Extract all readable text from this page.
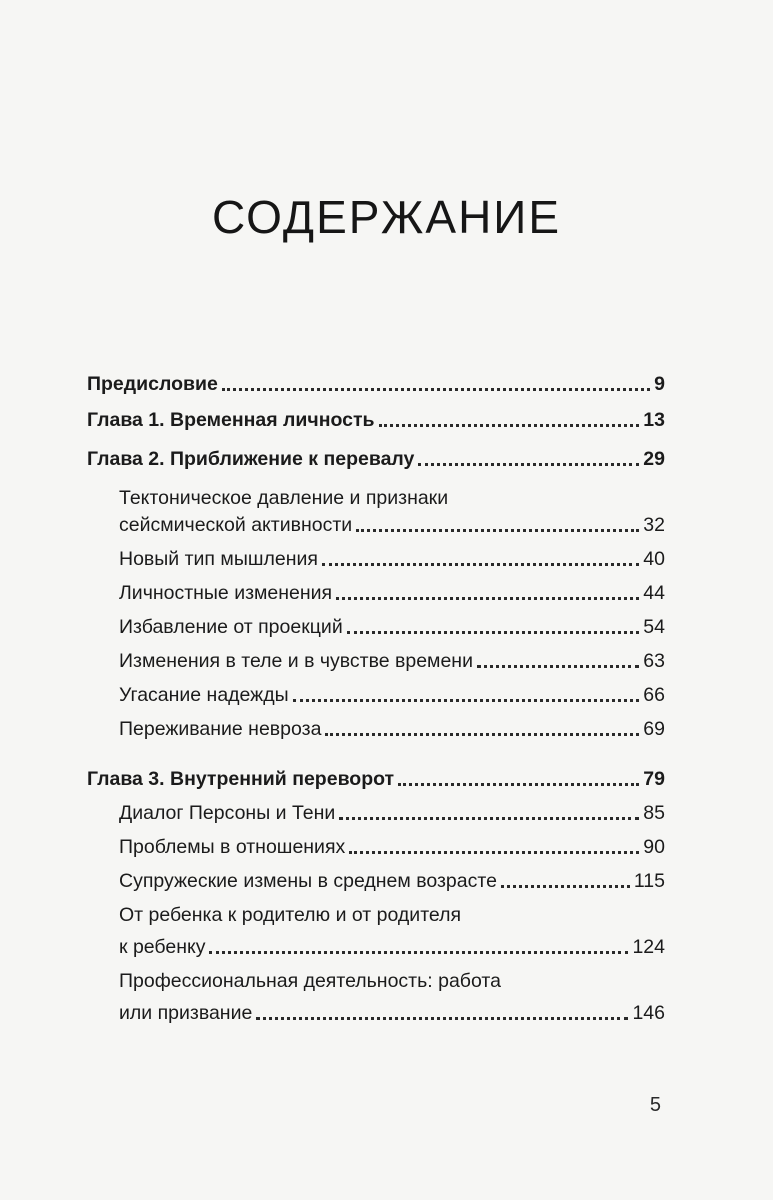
СОДЕРЖАНИЕ
Предисловие	9
Глава 1. Временная личность	13
Глава 2. Приближение к перевалу	29
Тектоническое давление и признаки
сейсмической активности	32
Новый тип мышления	40
Личностные изменения	44
Избавление от проекций	54
Изменения в теле и в чувстве времени	63
Угасание надежды	66
Переживание невроза	69
Глава 3. Внутренний переворот	79
Диалог Персоны и Тени	85
Проблемы в отношениях	90
Супружеские измены в среднем возрасте	115
От ребенка к родителю и от родителя
к ребенку	124
Профессиональная деятельность: работа
или призвание	146
5
